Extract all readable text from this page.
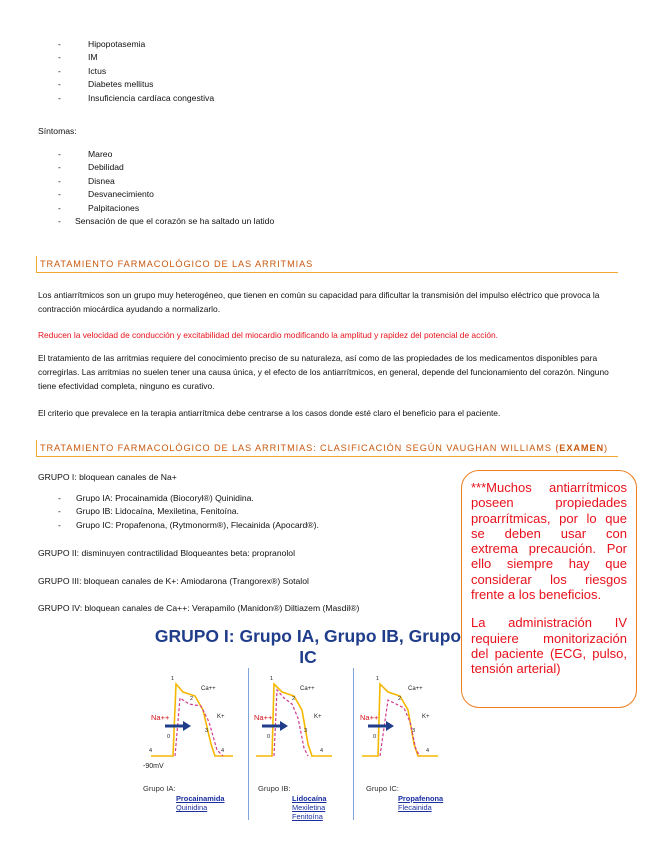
-	Hipopotasemia
-	IM
-	Ictus
-	Diabetes mellitus
-	Insuficiencia cardíaca congestiva
Síntomas:
-	Mareo
-	Debilidad
-	Disnea
-	Desvanecimiento
-	Palpitaciones
- Sensación de que el corazón se ha saltado un latido
TRATAMIENTO FARMACOLÓGICO DE LAS ARRITMIAS
Los antiarrítmicos son un grupo muy heterogéneo, que tienen en común su capacidad para dificultar la transmisión del impulso eléctrico que provoca la contracción miocárdica ayudando a normalizarlo.
Reducen la velocidad de conducción y excitabilidad del miocardio modificando la amplitud y rapidez del potencial de acción.
El tratamiento de las arritmias requiere del conocimiento preciso de su naturaleza, así como de las propiedades de los medicamentos disponibles para corregirlas. Las arritmias no suelen tener una causa única, y el efecto de los antiarrítmicos, en general, depende del funcionamiento del corazón. Ninguno tiene efectividad completa, ninguno es curativo.
El criterio que prevalece en la terapia antiarrítmica debe centrarse a los casos donde esté claro el beneficio para el paciente.
TRATAMIENTO FARMACOLÓGICO DE LAS ARRITMIAS: CLASIFICACIÓN SEGÚN VAUGHAN WILLIAMS (EXAMEN)
GRUPO I: bloquean canales de Na+
- Grupo IA: Procainamida (Biocoryl®) Quinidina.
- Grupo IB: Lidocaína, Mexiletina, Fenitoína.
- Grupo IC: Propafenona, (Rytmonorm®), Flecainida (Apocard®).
GRUPO II: disminuyen contractilidad Bloqueantes beta: propranolol
GRUPO III: bloquean canales de K+: Amiodarona (Trangorex®) Sotalol
GRUPO IV: bloquean canales de Ca++: Verapamilo (Manidon®) Diltiazem (Masdil®)

***Muchos antiarrítmicos poseen propiedades proarrítmicas, por lo que se deben usar con extrema precaución. Por ello siempre hay que considerar los riesgos frente a los beneficios.

La administración IV requiere monitorización del paciente (ECG, pulso, tensión arterial)

GRUPO I: Grupo IA, Grupo IB, Grupo IC
Na++
Ca++
K+
1
2
3
0
4	4
-90mV
Grupo IA:
Procainamida
Quinidina
Na++
Ca++
K+
1
2
3
0
4
Grupo IB:
Lidocaína
Mexiletina
Fenitoína
Na++
Ca++
K+
1
2
3
0
4
Grupo IC:
Propafenona
Flecainida
